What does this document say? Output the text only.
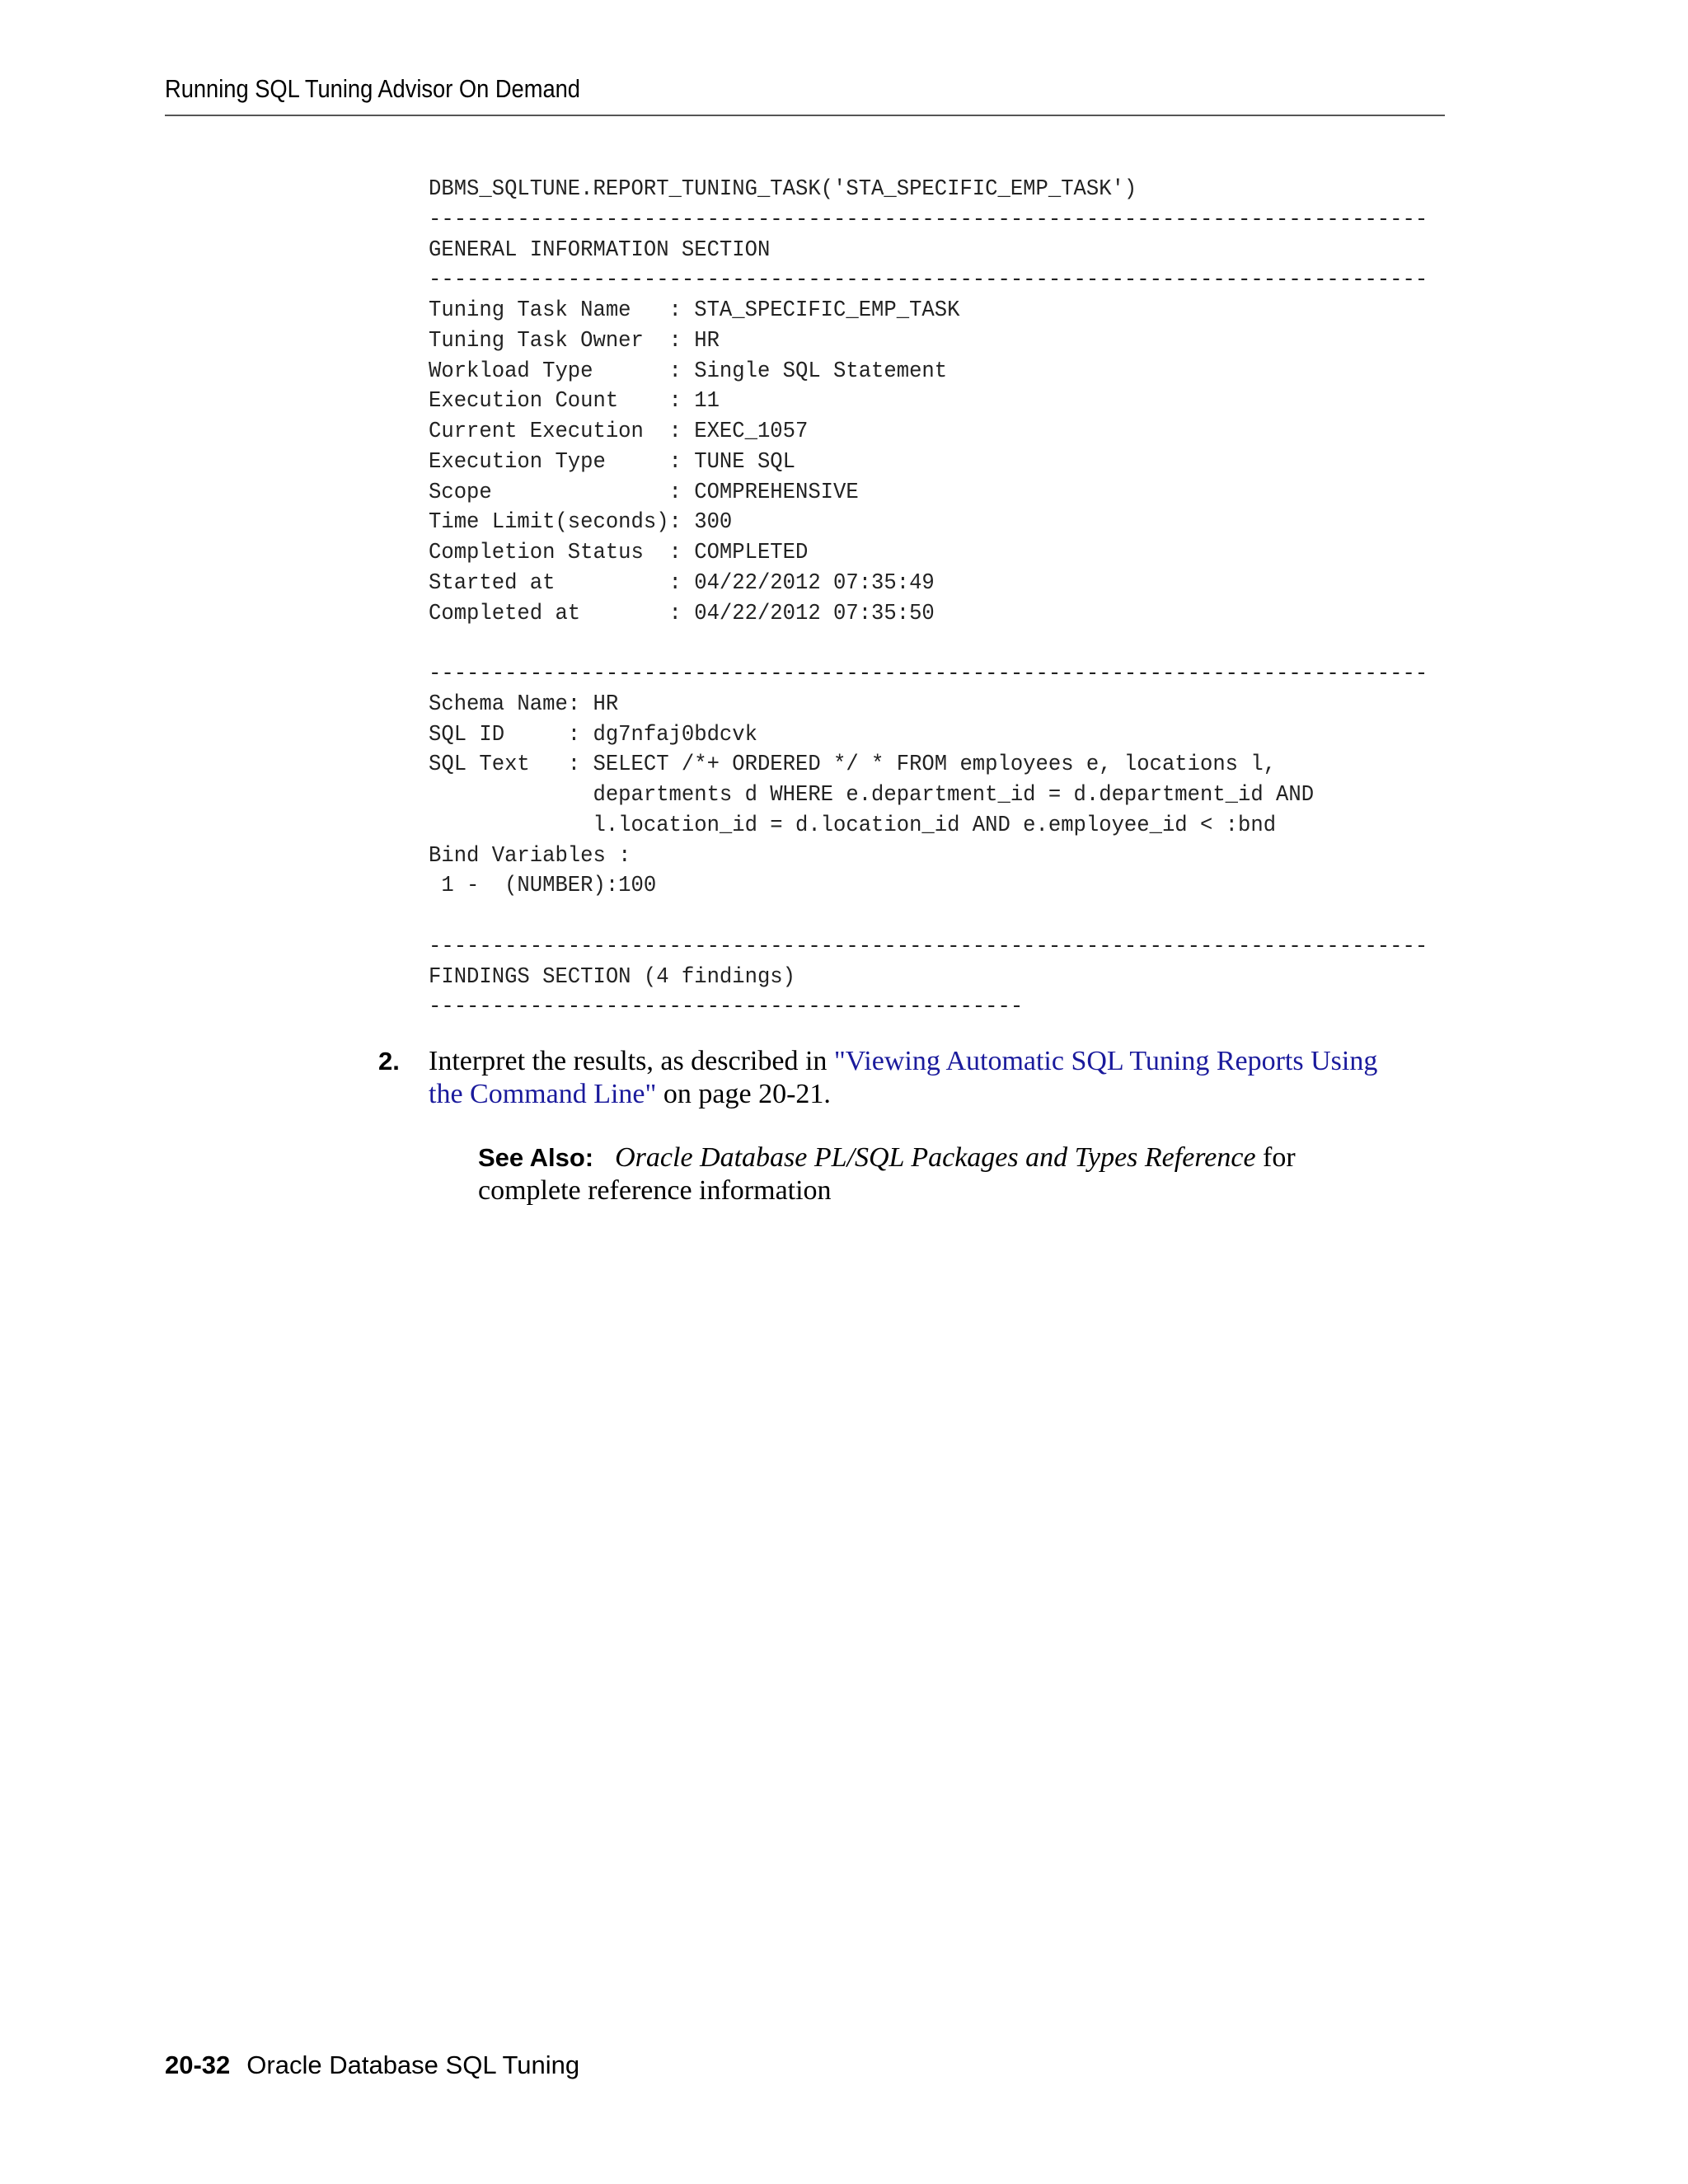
Running SQL Tuning Advisor On Demand
DBMS_SQLTUNE.REPORT_TUNING_TASK('STA_SPECIFIC_EMP_TASK')
-------------------------------------------------------------------------------
GENERAL INFORMATION SECTION
-------------------------------------------------------------------------------
Tuning Task Name   : STA_SPECIFIC_EMP_TASK
Tuning Task Owner  : HR
Workload Type      : Single SQL Statement
Execution Count    : 11
Current Execution  : EXEC_1057
Execution Type     : TUNE SQL
Scope              : COMPREHENSIVE
Time Limit(seconds): 300
Completion Status  : COMPLETED
Started at         : 04/22/2012 07:35:49
Completed at       : 04/22/2012 07:35:50
-------------------------------------------------------------------------------
Schema Name: HR
SQL ID     : dg7nfaj0bdcvk
SQL Text   : SELECT /*+ ORDERED */ * FROM employees e, locations l,
departments d WHERE e.department_id = d.department_id AND
l.location_id = d.location_id AND e.employee_id < :bnd
Bind Variables :
1 -  (NUMBER):100
-------------------------------------------------------------------------------
FINDINGS SECTION (4 findings)
-----------------------------------------------
2. Interpret the results, as described in "Viewing Automatic SQL Tuning Reports Using the Command Line" on page 20-21.
See Also: Oracle Database PL/SQL Packages and Types Reference for complete reference information
20-32 Oracle Database SQL Tuning
